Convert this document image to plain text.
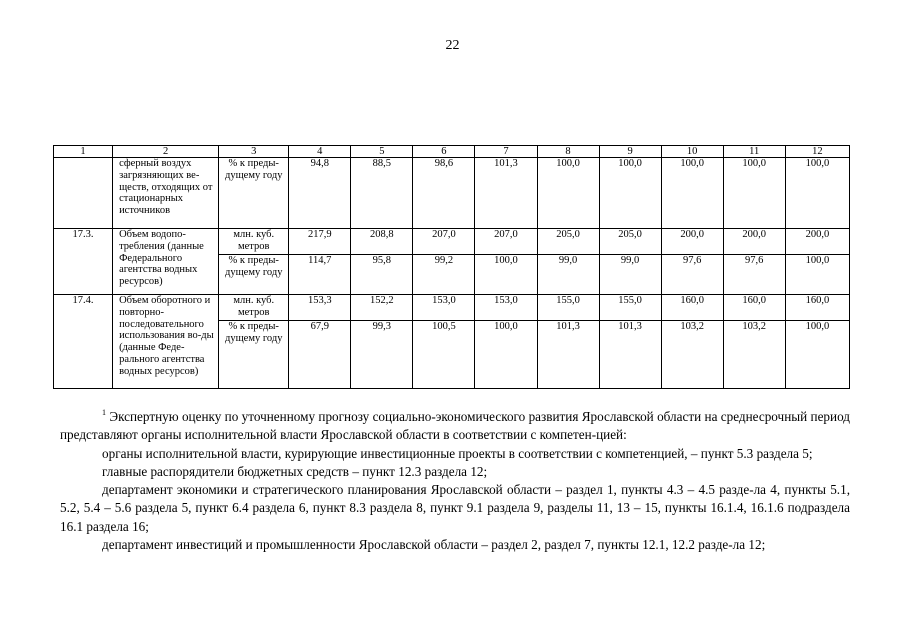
22
1	2	3	4	5	6	7	8	9	10	11	12
	сферный воздух загрязняющих ве-ществ, отходящих от стационарных источников	% к преды-дущему году	94,8	88,5	98,6	101,3	100,0	100,0	100,0	100,0	100,0
17.3.	Объем водопо-требления (данные Федерального агентства водных ресурсов)	млн. куб. метров	217,9	208,8	207,0	207,0	205,0	205,0	200,0	200,0	200,0
		% к преды-дущему году	114,7	95,8	99,2	100,0	99,0	99,0	97,6	97,6	100,0
17.4.	Объем оборотного и повторно-последовательного использования во-ды (данные Феде-рального агентства водных ресурсов)	млн. куб. метров	153,3	152,2	153,0	153,0	155,0	155,0	160,0	160,0	160,0
		% к преды-дущему году	67,9	99,3	100,5	100,0	101,3	101,3	103,2	103,2	100,0

$^1$ Экспертную оценку по уточненному прогнозу социально-экономического развития Ярославской области на среднесрочный период представляют органы исполнительной власти Ярославской области в соответствии с компетен-цией:

органы исполнительной власти, курирующие инвестиционные проекты в соответствии с компетенцией, – пункт 5.3 раздела 5;

главные распорядители бюджетных средств – пункт 12.3 раздела 12;

департамент экономики и стратегического планирования Ярославской области – раздел 1, пункты 4.3 – 4.5 разде-ла 4, пункты 5.1, 5.2, 5.4 – 5.6 раздела 5, пункт 6.4 раздела 6, пункт 8.3 раздела 8, пункт 9.1 раздела 9, разделы 11, 13 – 15, пункты 16.1.4, 16.1.6 подраздела 16.1 раздела 16;

департамент инвестиций и промышленности Ярославской области – раздел 2, раздел 7, пункты 12.1, 12.2 разде-ла 12;
